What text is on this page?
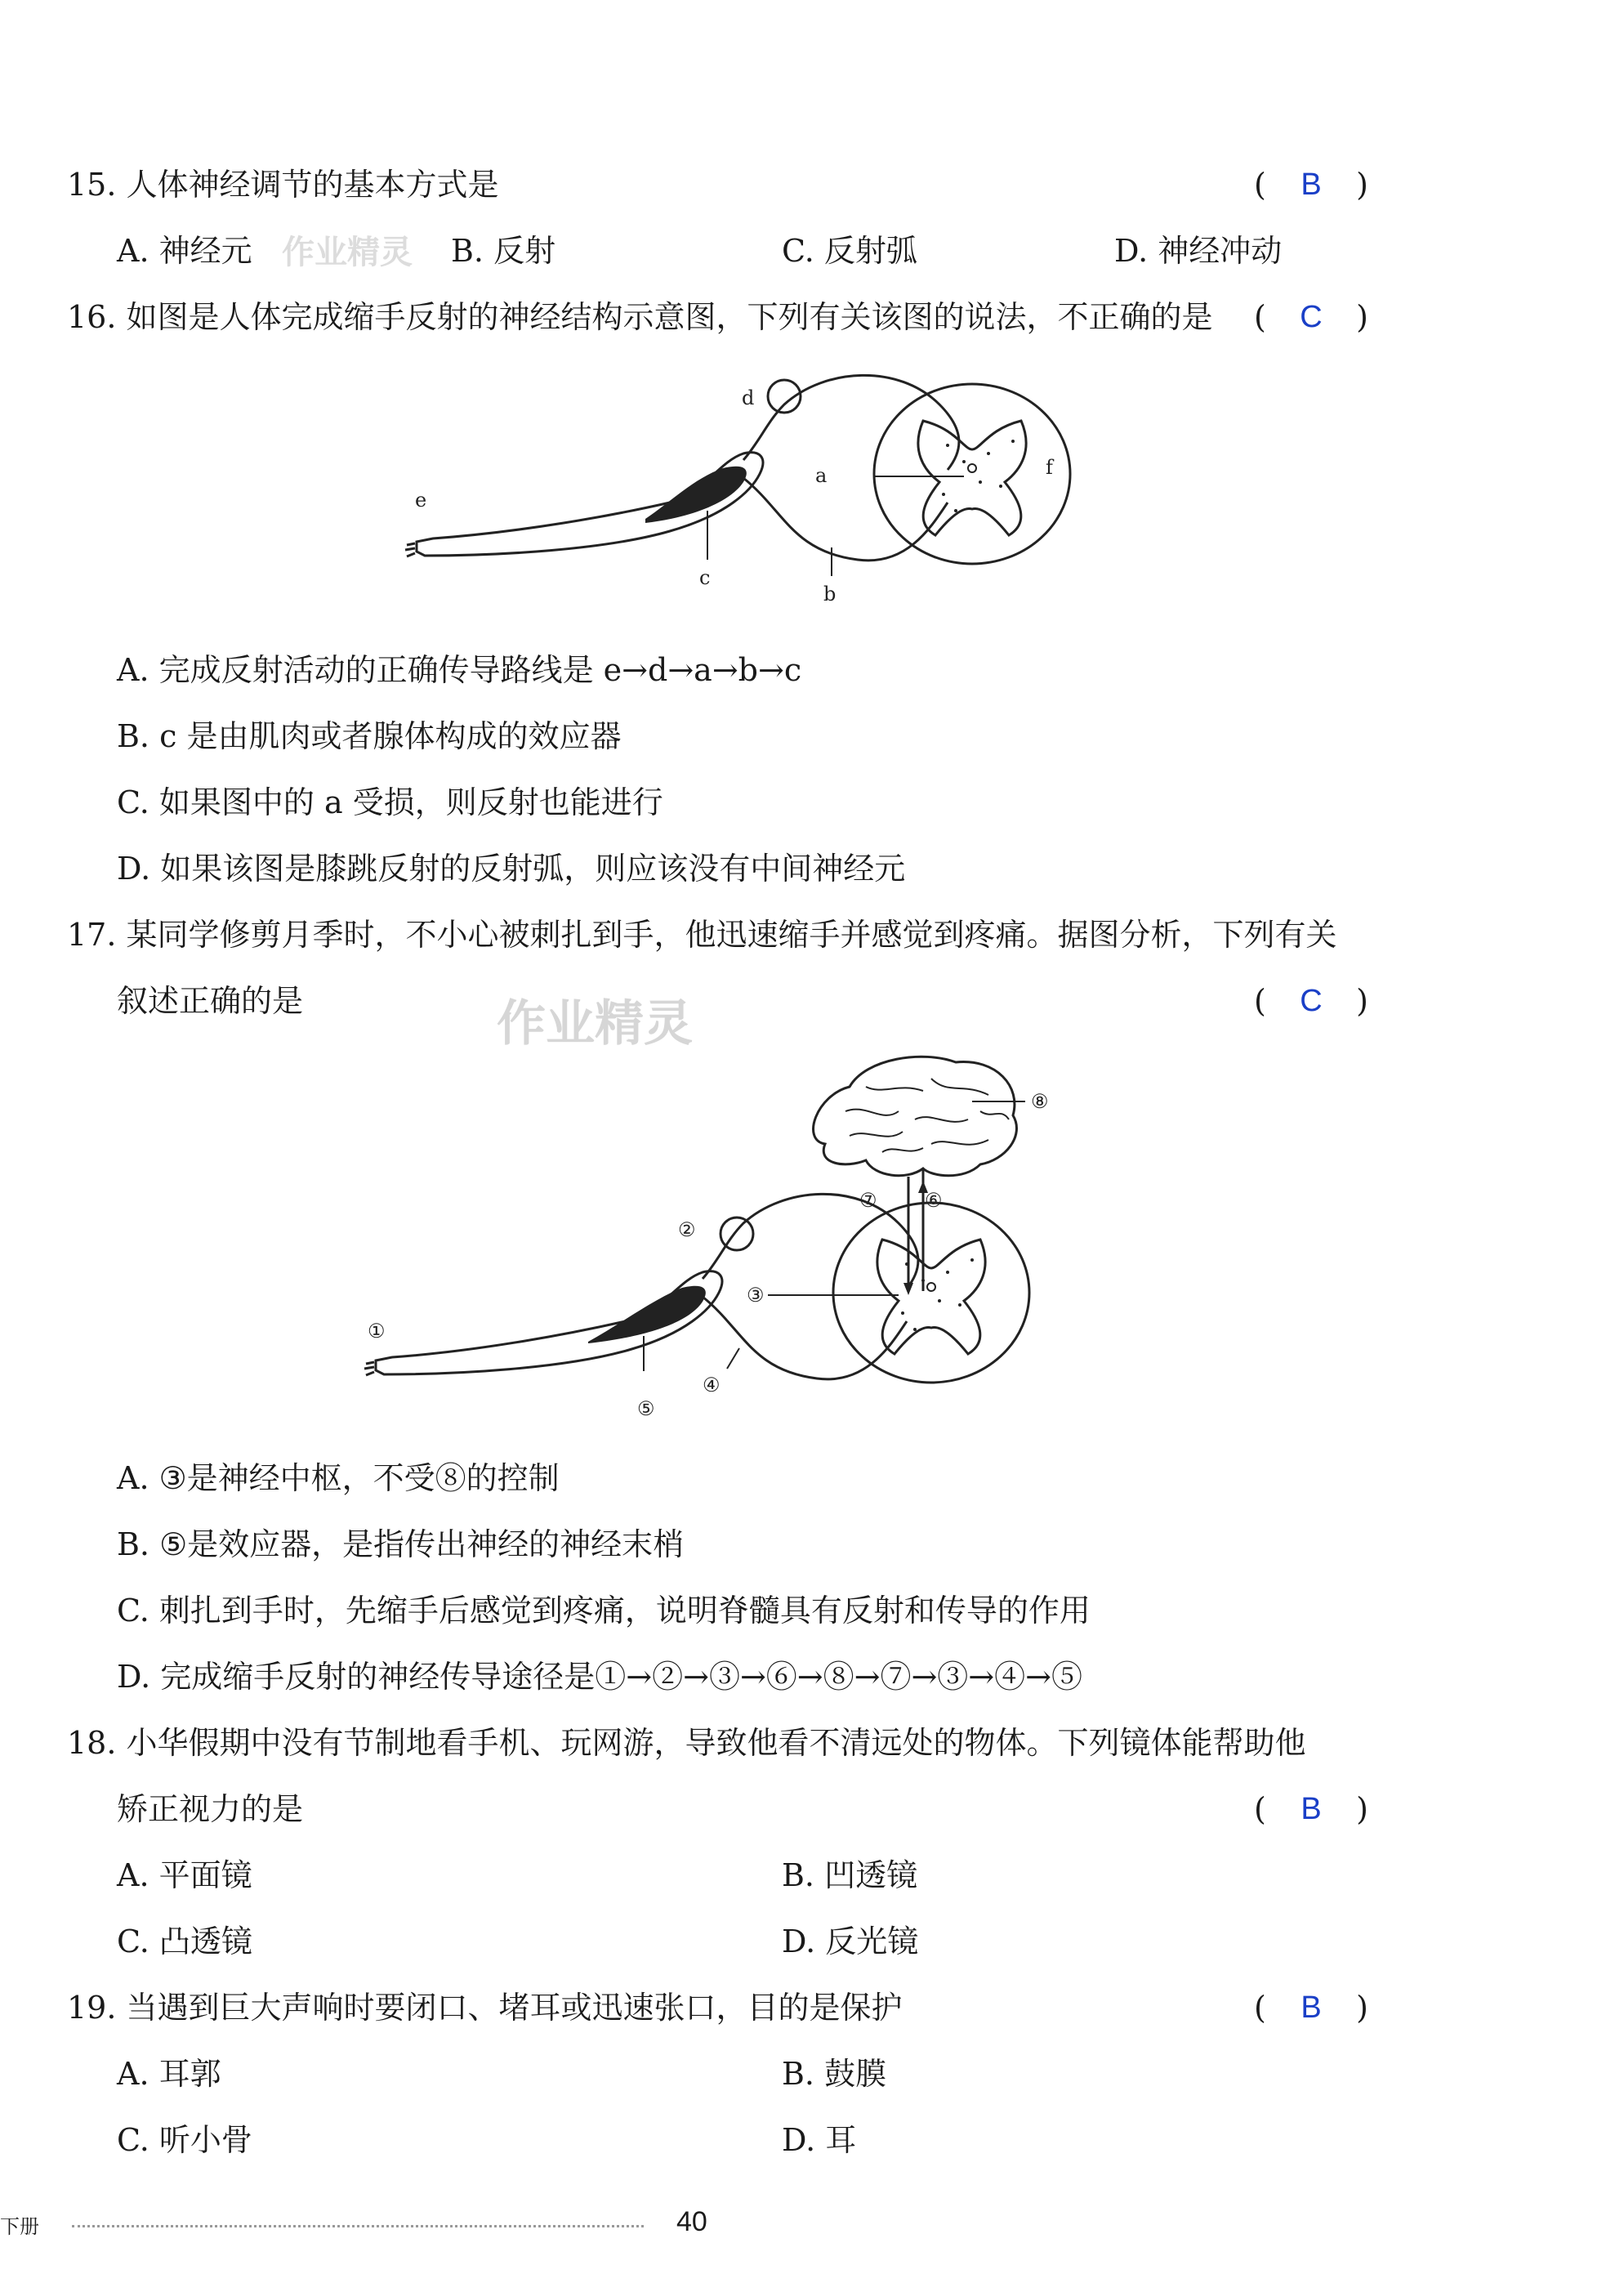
作业精灵
作业精灵
15. 人体神经调节的基本方式是	(	B	)
A. 神经元	B. 反射	C. 反射弧	D. 神经冲动
16. 如图是人体完成缩手反射的神经结构示意图，下列有关该图的说法，不正确的是 (	C	)
d
a	f
e
c
b
A. 完成反射活动的正确传导路线是 e→d→a→b→c
B. c 是由肌肉或者腺体构成的效应器
C. 如果图中的 a 受损，则反射也能进行
D. 如果该图是膝跳反射的反射弧，则应该没有中间神经元
17. 某同学修剪月季时，不小心被刺扎到手，他迅速缩手并感觉到疼痛。据图分析，下列有关
叙述正确的是	(	C	)
⑧
⑦ ⑥
②
③
①
④
⑤
A. ③是神经中枢，不受⑧的控制
B. ⑤是效应器，是指传出神经的神经末梢
C. 刺扎到手时，先缩手后感觉到疼痛，说明脊髓具有反射和传导的作用
D. 完成缩手反射的神经传导途径是①→②→③→⑥→⑧→⑦→③→④→⑤
18. 小华假期中没有节制地看手机、玩网游，导致他看不清远处的物体。下列镜体能帮助他
矫正视力的是	(	B	)
A. 平面镜	B. 凹透镜
C. 凸透镜	D. 反光镜
19. 当遇到巨大声响时要闭口、堵耳或迅速张口，目的是保护	(	B	)
A. 耳郭	B. 鼓膜
C. 听小骨	D. 耳
下册	40
